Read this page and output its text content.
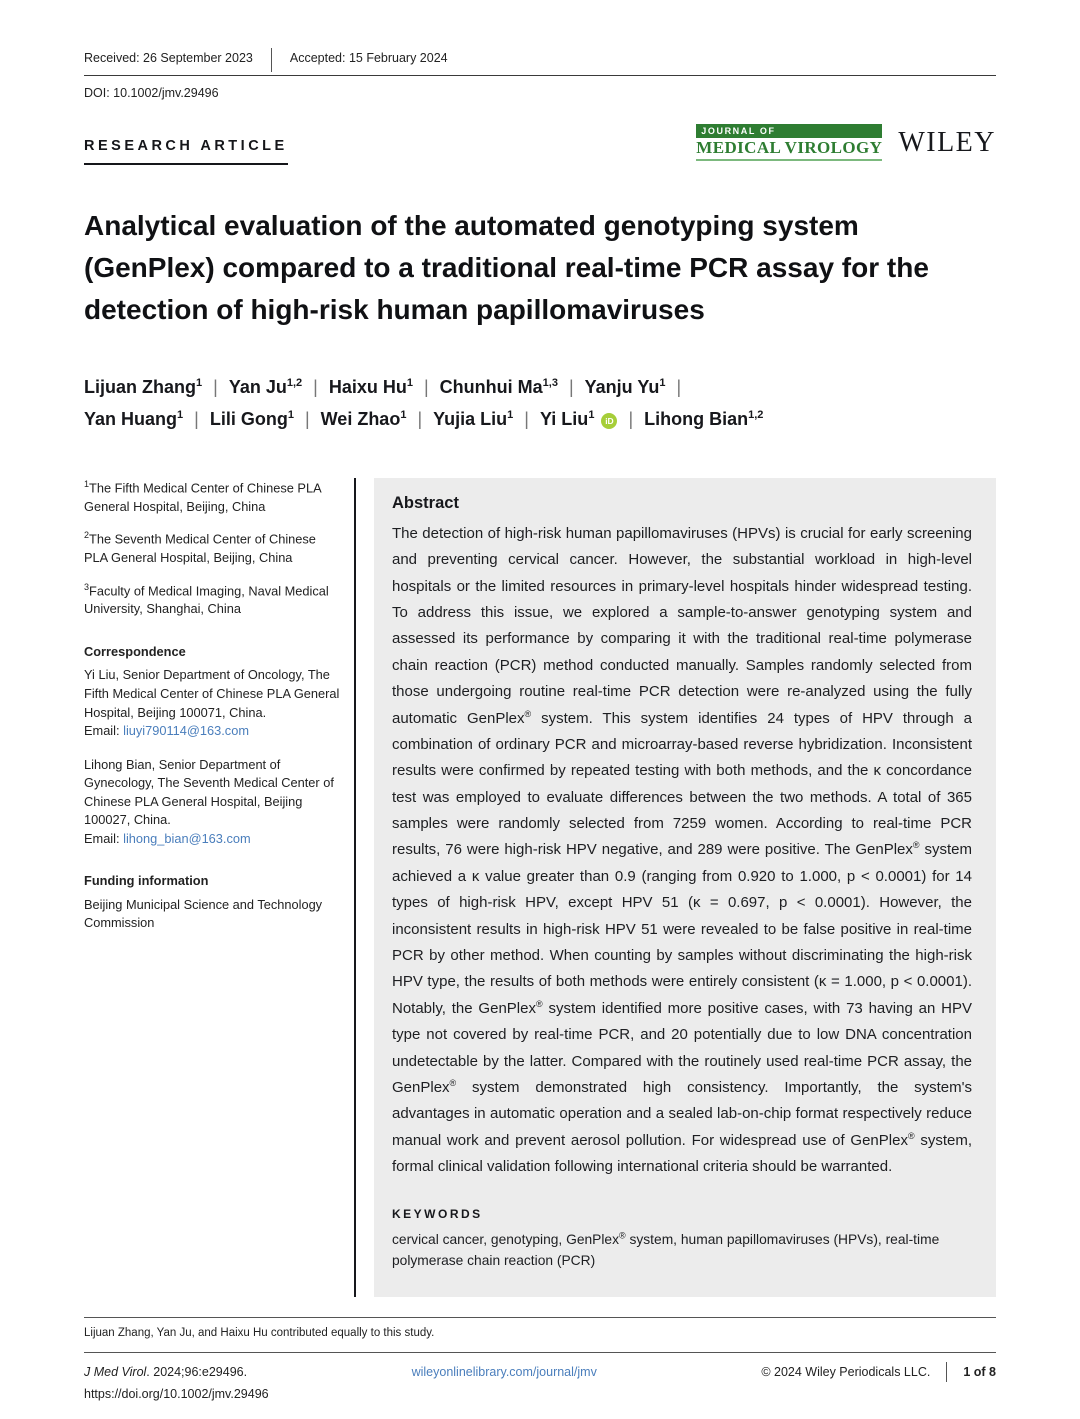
Received: 26 September 2023	Accepted: 15 February 2024
DOI: 10.1002/jmv.29496
RESEARCH ARTICLE
JOURNAL OF
MEDICAL VIROLOGY WILEY
Analytical evaluation of the automated genotyping system (GenPlex) compared to a traditional real-time PCR assay for the detection of high-risk human papillomaviruses
Lijuan Zhang$^1$ | Yan Ju$^{1,2}$ | Haixu Hu$^1$ | Chunhui Ma$^{1,3}$ | Yanju Yu$^1$ |
Yan Huang$^1$ | Lili Gong$^1$ | Wei Zhao$^1$ | Yujia Liu$^1$ | Yi Liu$^1$ iD | Lihong Bian$^{1,2}$
$^1$The Fifth Medical Center of Chinese PLA General Hospital, Beijing, China
$^2$The Seventh Medical Center of Chinese PLA General Hospital, Beijing, China
$^3$Faculty of Medical Imaging, Naval Medical University, Shanghai, China
Correspondence
Yi Liu, Senior Department of Oncology, The Fifth Medical Center of Chinese PLA General Hospital, Beijing 100071, China.
Email: liuyi790114@163.com
Lihong Bian, Senior Department of Gynecology, The Seventh Medical Center of Chinese PLA General Hospital, Beijing 100027, China.
Email: lihong_bian@163.com
Funding information
Beijing Municipal Science and Technology Commission
Abstract
The detection of high-risk human papillomaviruses (HPVs) is crucial for early screening and preventing cervical cancer. However, the substantial workload in high-level hospitals or the limited resources in primary-level hospitals hinder widespread testing. To address this issue, we explored a sample-to-answer genotyping system and assessed its performance by comparing it with the traditional real-time polymerase chain reaction (PCR) method conducted manually. Samples randomly selected from those undergoing routine real-time PCR detection were re-analyzed using the fully automatic GenPlex® system. This system identifies 24 types of HPV through a combination of ordinary PCR and microarray-based reverse hybridization. Inconsistent results were confirmed by repeated testing with both methods, and the κ concordance test was employed to evaluate differences between the two methods. A total of 365 samples were randomly selected from 7259 women. According to real-time PCR results, 76 were high-risk HPV negative, and 289 were positive. The GenPlex® system achieved a κ value greater than 0.9 (ranging from 0.920 to 1.000, p < 0.0001) for 14 types of high-risk HPV, except HPV 51 (κ = 0.697, p < 0.0001). However, the inconsistent results in high-risk HPV 51 were revealed to be false positive in real-time PCR by other method. When counting by samples without discriminating the high-risk HPV type, the results of both methods were entirely consistent (κ = 1.000, p < 0.0001). Notably, the GenPlex® system identified more positive cases, with 73 having an HPV type not covered by real-time PCR, and 20 potentially due to low DNA concentration undetectable by the latter. Compared with the routinely used real-time PCR assay, the GenPlex® system demonstrated high consistency. Importantly, the system's advantages in automatic operation and a sealed lab-on-chip format respectively reduce manual work and prevent aerosol pollution. For widespread use of GenPlex® system, formal clinical validation following international criteria should be warranted.
KEYWORDS
cervical cancer, genotyping, GenPlex® system, human papillomaviruses (HPVs), real-time polymerase chain reaction (PCR)
Lijuan Zhang, Yan Ju, and Haixu Hu contributed equally to this study.
J Med Virol. 2024;96:e29496.	wileyonlinelibrary.com/journal/jmv	© 2024 Wiley Periodicals LLC.	1 of 8
https://doi.org/10.1002/jmv.29496
